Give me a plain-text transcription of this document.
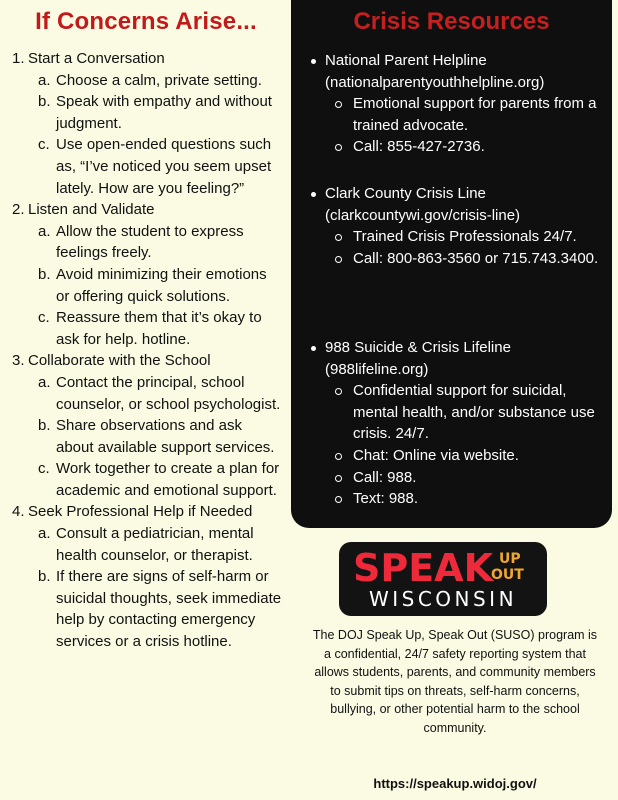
If Concerns Arise...
1. Start a Conversation
a. Choose a calm, private setting.
b. Speak with empathy and without judgment.
c. Use open-ended questions such as, “I’ve noticed you seem upset lately. How are you feeling?”
2. Listen and Validate
a. Allow the student to express feelings freely.
b. Avoid minimizing their emotions or offering quick solutions.
c. Reassure them that it’s okay to ask for help. hotline.
3. Collaborate with the School
a. Contact the principal, school counselor, or school psychologist.
b. Share observations and ask about available support services.
c. Work together to create a plan for academic and emotional support.
4. Seek Professional Help if Needed
a. Consult a pediatrician, mental health counselor, or therapist.
b. If there are signs of self-harm or suicidal thoughts, seek immediate help by contacting emergency services or a crisis hotline.
Crisis Resources
National Parent Helpline
(nationalparentyouthhelpline.org)
Emotional support for parents from a trained advocate.
Call: 855-427-2736.
Clark County Crisis Line
(clarkcountywi.gov/crisis-line)
Trained Crisis Professionals 24/7.
Call: 800-863-3560 or 715.743.3400.
988 Suicide & Crisis Lifeline
(988lifeline.org)
Confidential support for suicidal, mental health, and/or substance use crisis. 24/7.
Chat: Online via website.
Call: 988.
Text: 988.
SPEAK UP
OUT
WISCONSIN
The DOJ Speak Up, Speak Out (SUSO) program is a confidential, 24/7 safety reporting system that allows students, parents, and community members to submit tips on threats, self-harm concerns, bullying, or other potential harm to the school community.
https://speakup.widoj.gov/
